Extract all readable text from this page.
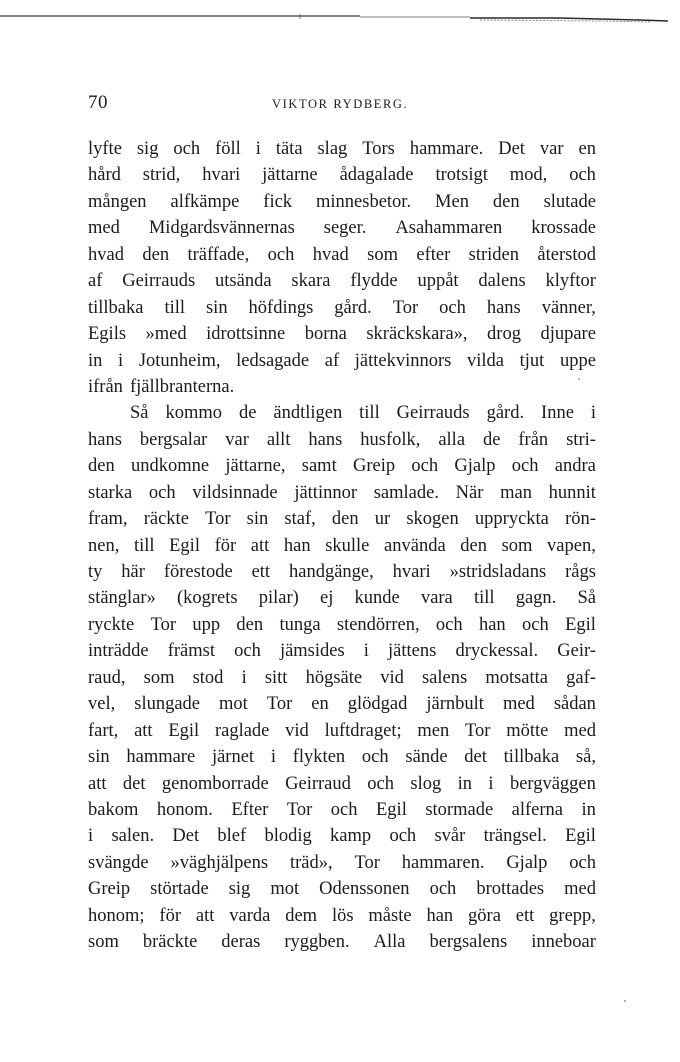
70	VIKTOR RYDBERG.
lyfte sig och föll i täta slag Tors hammare. Det var en
hård strid, hvari jättarne ådagalade trotsigt mod, och
mången alfkämpe fick minnesbetor. Men den slutade
med Midgardsvännernas seger. Asahammaren krossade
hvad den träffade, och hvad som efter striden återstod
af Geirrauds utsända skara flydde uppåt dalens klyftor
tillbaka till sin höfdings gård. Tor och hans vänner,
Egils »med idrottsinne borna skräckskara», drog djupare
in i Jotunheim, ledsagade af jättekvinnors vilda tjut uppe
ifrån fjällbranterna.
Så kommo de ändtligen till Geirrauds gård. Inne i
hans bergsalar var allt hans husfolk, alla de från stri-
den undkomne jättarne, samt Greip och Gjalp och andra
starka och vildsinnade jättinnor samlade. När man hunnit
fram, räckte Tor sin staf, den ur skogen uppryckta rön-
nen, till Egil för att han skulle använda den som vapen,
ty här förestode ett handgänge, hvari »stridsladans rågs
stänglar» (kogrets pilar) ej kunde vara till gagn. Så
ryckte Tor upp den tunga stendörren, och han och Egil
inträdde främst och jämsides i jättens dryckessal. Geir-
raud, som stod i sitt högsäte vid salens motsatta gaf-
vel, slungade mot Tor en glödgad järnbult med sådan
fart, att Egil raglade vid luftdraget; men Tor mötte med
sin hammare järnet i flykten och sände det tillbaka så,
att det genomborrade Geirraud och slog in i bergväggen
bakom honom. Efter Tor och Egil stormade alferna in
i salen. Det blef blodig kamp och svår trängsel. Egil
svängde »väghjälpens träd», Tor hammaren. Gjalp och
Greip störtade sig mot Odenssonen och brottades med
honom; för att varda dem lös måste han göra ett grepp,
som bräckte deras ryggben. Alla bergsalens inneboar
